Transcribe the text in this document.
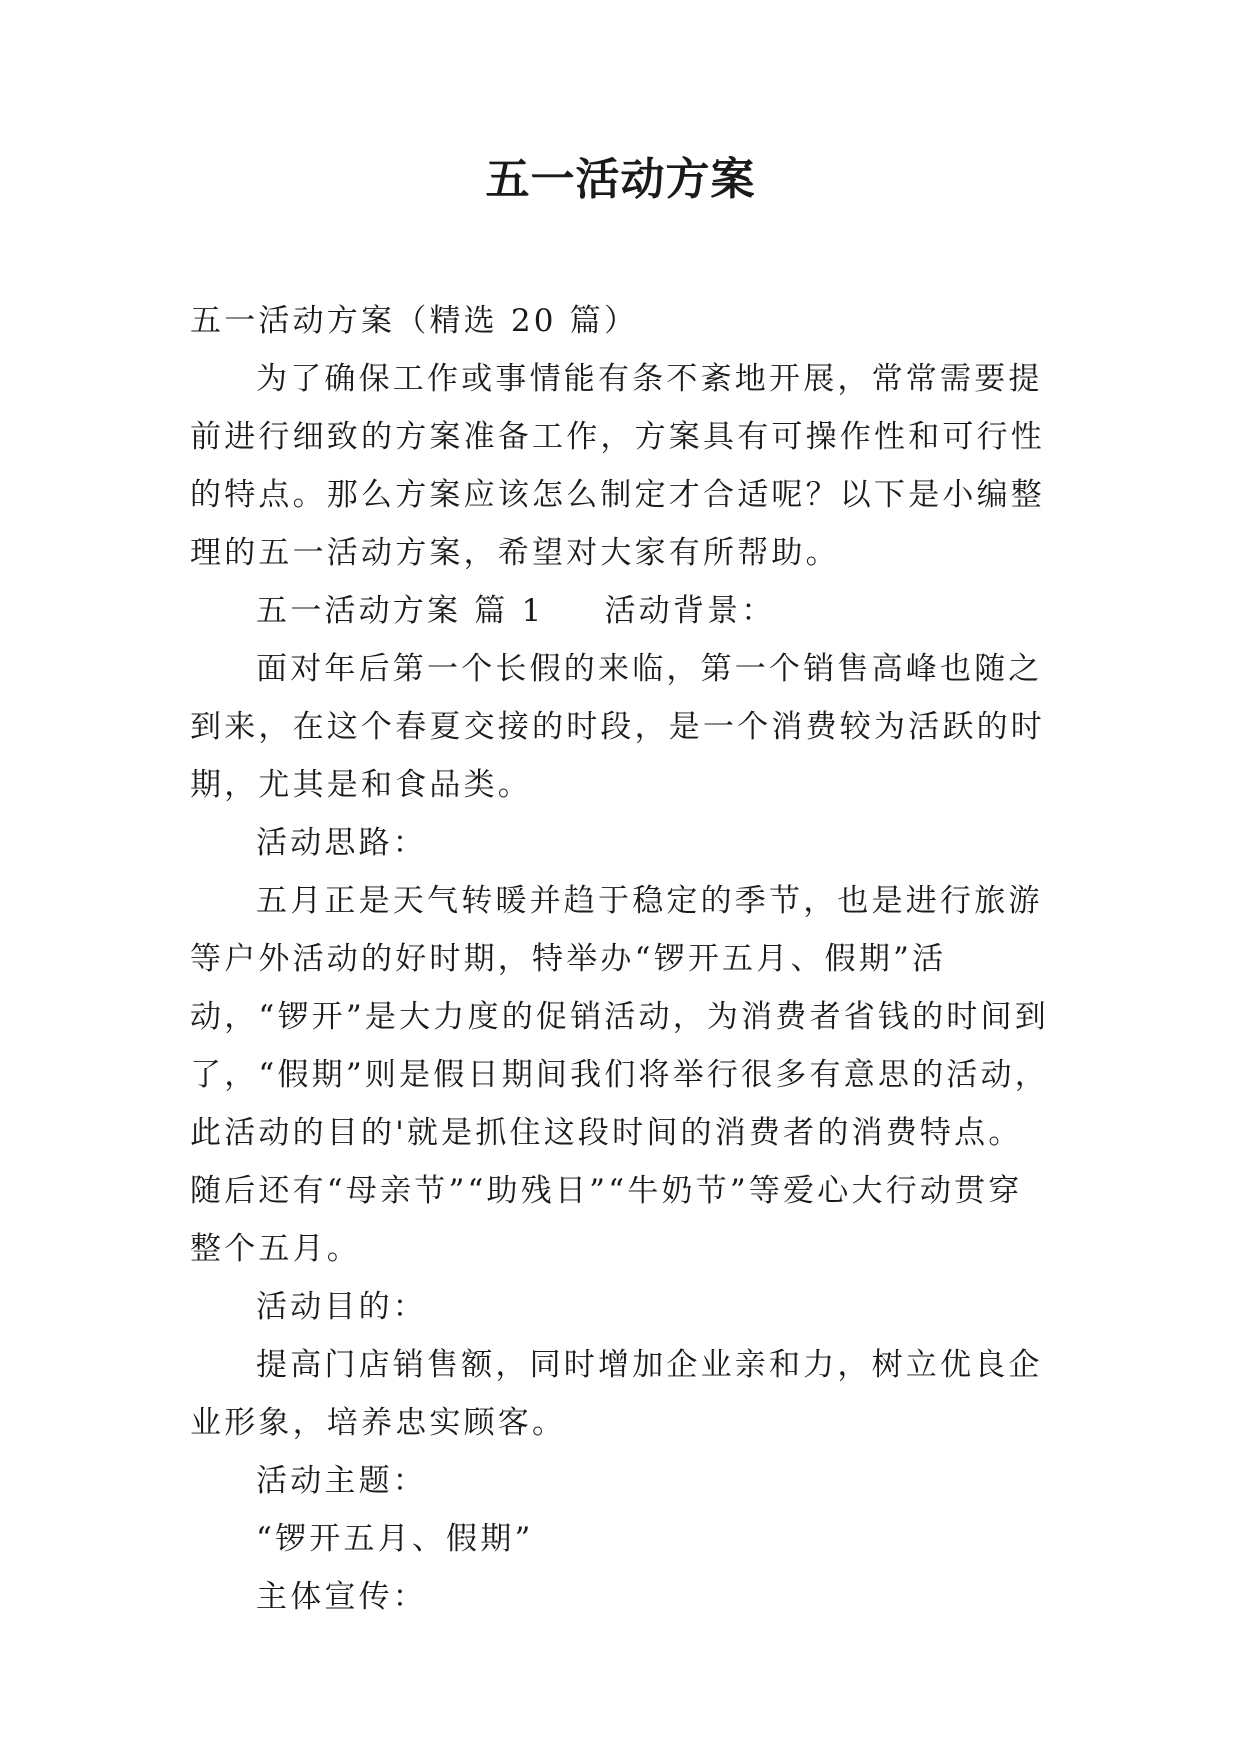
五一活动方案

五一活动方案（精选 20 篇）

为了确保工作或事情能有条不紊地开展，常常需要提前进行细致的方案准备工作，方案具有可操作性和可行性的特点。那么方案应该怎么制定才合适呢？以下是小编整理的五一活动方案，希望对大家有所帮助。

五一活动方案 篇 1 活动背景：

面对年后第一个长假的来临，第一个销售高峰也随之到来，在这个春夏交接的时段，是一个消费较为活跃的时期，尤其是和食品类。

活动思路：

五月正是天气转暖并趋于稳定的季节，也是进行旅游等户外活动的好时期，特举办“锣开五月、假期”活动，“锣开”是大力度的促销活动，为消费者省钱的时间到了，“假期”则是假日期间我们将举行很多有意思的活动，此活动的目的'就是抓住这段时间的消费者的消费特点。随后还有“母亲节”“助残日”“牛奶节”等爱心大行动贯穿整个五月。

活动目的：

提高门店销售额，同时增加企业亲和力，树立优良企业形象，培养忠实顾客。

活动主题：

“锣开五月、假期”

主体宣传：
